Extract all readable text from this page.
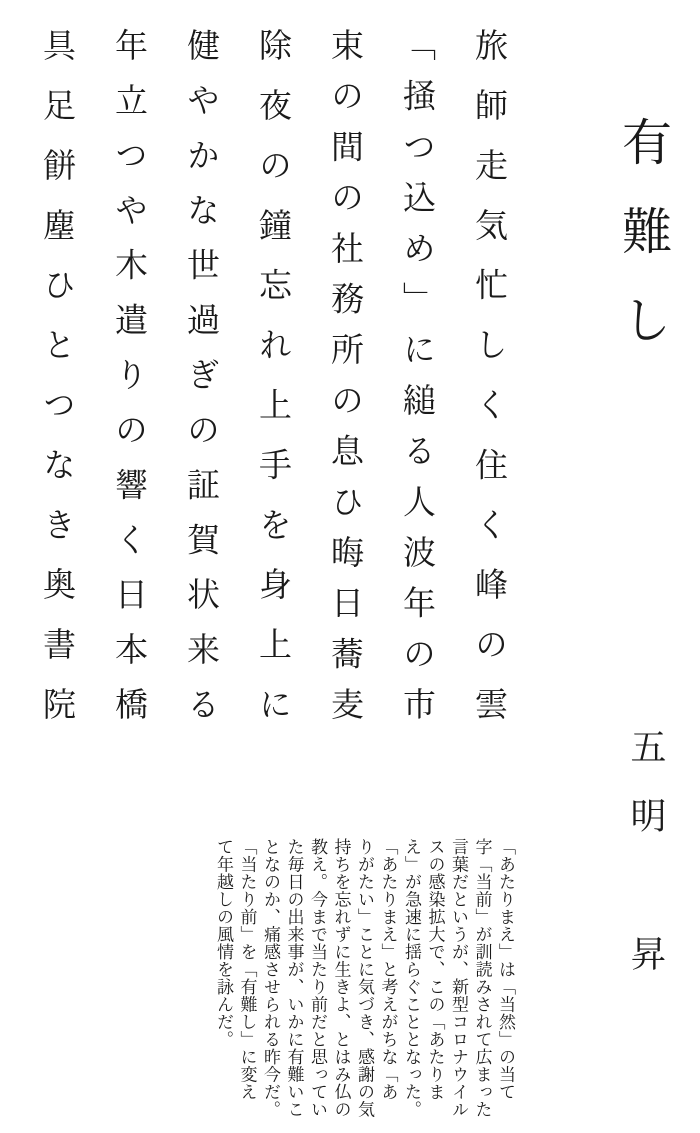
有難し
五明　昇
旅師走気忙しく住く峰の雲
「掻つ込め」に縋る人波年の市
束の間の社務所の息ひ晦日蕎麦
除夜の鐘忘れ上手を身上に
健やかな世過ぎの証賀状来る
年立つや木遣りの響く日本橋
具足餅塵ひとつなき奥書院
「あたりまえ」は「当然」の当て
字「当前」が訓読みされて広まった
言葉だというが、新型コロナウイル
スの感染拡大で、この「あたりま
え」が急速に揺らぐこととなった。
「あたりまえ」と考えがちな「あ
りがたい」ことに気づき、感謝の気
持ちを忘れずに生きよ、とはみ仏の
教え。今まで当たり前だと思ってい
た毎日の出来事が、いかに有難いこ
となのか、痛感させられる昨今だ。
「当たり前」を「有難し」に変え
て年越しの風情を詠んだ。
